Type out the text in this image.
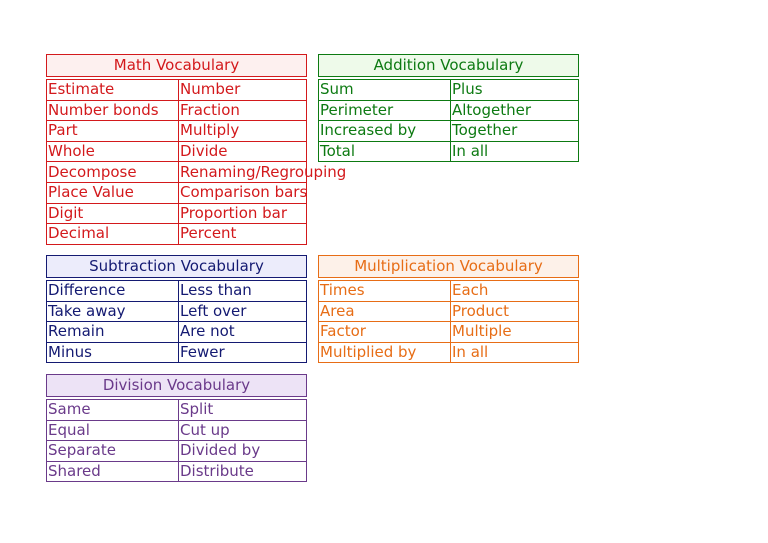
Math Vocabulary
Estimate	Number
Number bonds	Fraction
Part	Multiply
Whole	Divide
Decompose	Renaming/Regrouping
Place Value	Comparison bars
Digit	Proportion bar
Decimal	Percent
Addition Vocabulary
Sum	Plus
Perimeter	Altogether
Increased by	Together
Total	In all
Subtraction Vocabulary
Difference	Less than
Take away	Left over
Remain	Are not
Minus	Fewer
Multiplication Vocabulary
Times	Each
Area	Product
Factor	Multiple
Multiplied by	In all
Division Vocabulary
Same	Split
Equal	Cut up
Separate	Divided by
Shared	Distribute
